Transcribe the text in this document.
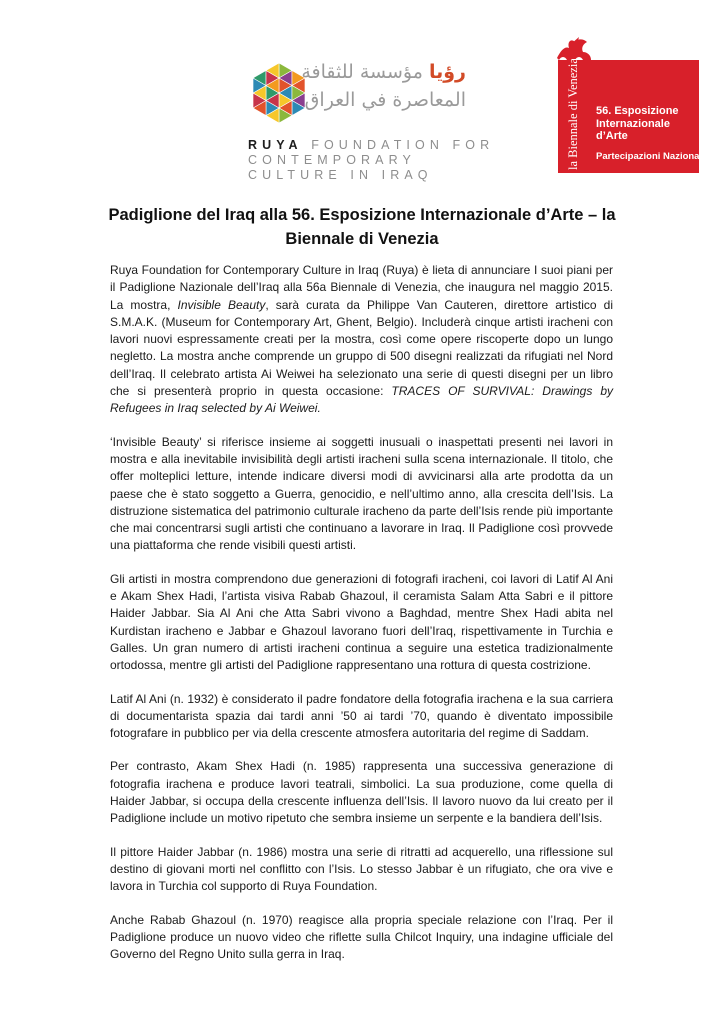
رؤيا مؤسسة للثقافة
المعاصرة في العراق
RUYA FOUNDATION FOR
CONTEMPORARY
CULTURE IN IRAQ
la Biennale di Venezia	56. Esposizione
Internazionale
d’Arte
Partecipazioni Nazionali
Padiglione del Iraq alla 56. Esposizione Internazionale d’Arte – la Biennale di Venezia

Ruya Foundation for Contemporary Culture in Iraq (Ruya) è lieta di annunciare I suoi piani per il Padiglione Nazionale dell’Iraq alla 56a Biennale di Venezia, che inaugura nel maggio 2015. La mostra, Invisible Beauty, sarà curata da Philippe Van Cauteren, direttore artistico di S.M.A.K. (Museum for Contemporary Art, Ghent, Belgio). Includerà cinque artisti iracheni con lavori nuovi espressamente creati per la mostra, così come opere riscoperte dopo un lungo negletto. La mostra anche comprende un gruppo di 500 disegni realizzati da rifugiati nel Nord dell’Iraq. Il celebrato artista Ai Weiwei ha selezionato una serie di questi disegni per un libro che si presenterà proprio in questa occasione: TRACES OF SURVIVAL: Drawings by Refugees in Iraq selected by Ai Weiwei.

‘Invisible Beauty’ si riferisce insieme ai soggetti inusuali o inaspettati presenti nei lavori in mostra e alla inevitabile invisibilità degli artisti iracheni sulla scena internazionale. Il titolo, che offer molteplici letture, intende indicare diversi modi di avvicinarsi alla arte prodotta da un paese che è stato soggetto a Guerra, genocidio, e nell’ultimo anno, alla crescita dell’Isis. La distruzione sistematica del patrimonio culturale iracheno da parte dell’Isis rende più importante che mai concentrarsi sugli artisti che continuano a lavorare in Iraq. Il Padiglione così provvede una piattaforma che rende visibili questi artisti.

Gli artisti in mostra comprendono due generazioni di fotografi iracheni, coi lavori di Latif Al Ani e Akam Shex Hadi, l’artista visiva Rabab Ghazoul, il ceramista Salam Atta Sabri e il pittore Haider Jabbar. Sia Al Ani che Atta Sabri vivono a Baghdad, mentre Shex Hadi abita nel Kurdistan iracheno e Jabbar e Ghazoul lavorano fuori dell’Iraq, rispettivamente in Turchia e Galles. Un gran numero di artisti iracheni continua a seguire una estetica tradizionalmente ortodossa, mentre gli artisti del Padiglione rappresentano una rottura di questa costrizione.

Latif Al Ani (n. 1932) è considerato il padre fondatore della fotografia irachena e la sua carriera di documentarista spazia dai tardi anni ’50 ai tardi ’70, quando è diventato impossibile fotografare in pubblico per via della crescente atmosfera autoritaria del regime di Saddam.

Per contrasto, Akam Shex Hadi (n. 1985) rappresenta una successiva generazione di fotografia irachena e produce lavori teatrali, simbolici. La sua produzione, come quella di Haider Jabbar, si occupa della crescente influenza dell’Isis. Il lavoro nuovo da lui creato per il Padiglione include un motivo ripetuto che sembra insieme un serpente e la bandiera dell’Isis.

Il pittore Haider Jabbar (n. 1986) mostra una serie di ritratti ad acquerello, una riflessione sul destino di giovani morti nel conflitto con l’Isis. Lo stesso Jabbar è un rifugiato, che ora vive e lavora in Turchia col supporto di Ruya Foundation.

Anche Rabab Ghazoul (n. 1970) reagisce alla propria speciale relazione con l’Iraq. Per il Padiglione produce un nuovo video che riflette sulla Chilcot Inquiry, una indagine ufficiale del Governo del Regno Unito sulla gerra in Iraq.
